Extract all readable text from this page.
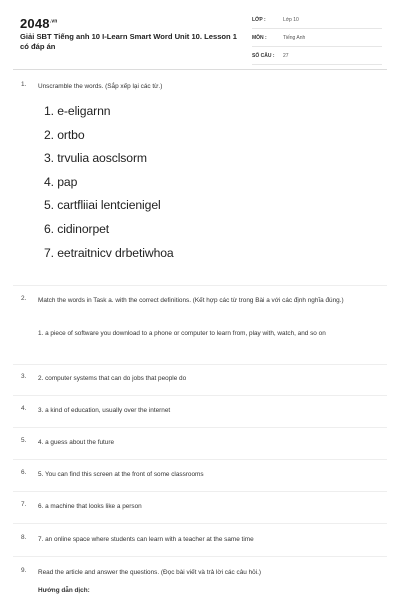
$2048^{.vn}$
Giải SBT Tiếng anh 10 I-Learn Smart Word Unit 10. Lesson 1 có đáp án
LỚP :	Lớp 10
MÔN :	Tiếng Anh
SỐ CÂU : 27
1. Unscramble the words. (Sắp xếp lại các từ.)
1. e-eligarnn
2. ortbo
3. trvulia aosclsorm
4. pap
5. cartfliiai lentcienigel
6. cidinorpet
7. eetraitnicv drbetiwhoa
2. Match the words in Task a. with the correct definitions. (Kết hợp các từ trong Bài a với các định nghĩa đúng.)
1. a piece of software you download to a phone or computer to learn from, play with, watch, and so on
3. 2. computer systems that can do jobs that people do
4. 3. a kind of education, usually over the internet
5. 4. a guess about the future
6. 5. You can find this screen at the front of some classrooms
7. 6. a machine that looks like a person
8. 7. an online space where students can learn with a teacher at the same time
9. Read the article and answer the questions. (Đọc bài viết và trả lời các câu hỏi.)
Hướng dẫn dịch:
